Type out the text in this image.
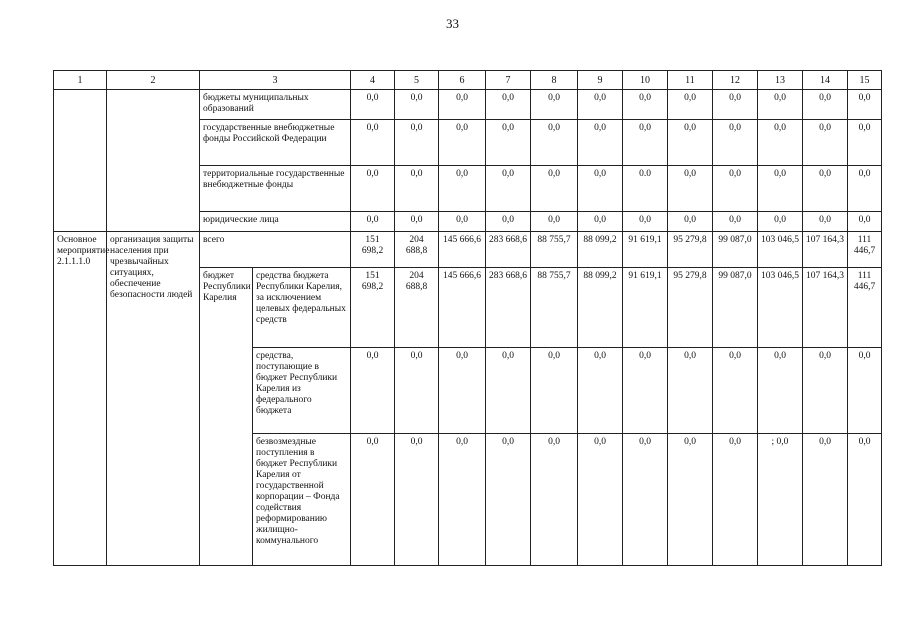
33
1	2	3		4	5	6	7	8	9	10	11	12	13	14	15
		бюджеты муниципальных образований		0,0	0,0	0,0	0,0	0,0	0,0	0,0	0,0	0,0	0,0	0,0	0,0
		государственные внебюджетные фонды Российской Федерации		0,0	0,0	0,0	0,0	0,0	0,0	0,0	0,0	0,0	0,0	0,0	0,0
		территориальные государственные внебюджетные фонды		0,0	0,0	0,0	0,0	0,0	0,0	0.0	0,0	0,0	0,0	0,0	0,0
		юридические лица		0,0	0,0	0,0	0,0	0,0	0,0	0,0	0,0	0,0	0,0	0,0	0,0
Основное мероприятие 2.1.1.1.0	организация защиты населения при чрезвычайных ситуациях, обеспечение безопасности людей	всего		151 698,2	204 688,8	145 666,6	283 668,6	88 755,7	88 099,2	91 619,1	95 279,8	99 087,0	103 046,5	107 164,3	111 446,7
		бюджет Республики Карелия	средства бюджета Республики Карелия, за исключением целевых федеральных средств	151 698,2	204 688,8	145 666,6	283 668,6	88 755,7	88 099,2	91 619,1	95 279,8	99 087,0	103 046,5	107 164,3	111 446,7
			средства, поступающие в бюджет Республики Карелия из федерального бюджета	0,0	0,0	0,0	0,0	0,0	0,0	0,0	0,0	0,0	0,0	0,0	0,0
			безвозмездные поступления в бюджет Республики Карелия от государственной корпорации – Фонда содействия реформированию жилищно-коммунального	0,0	0,0	0,0	0,0	0,0	0,0	0,0	0,0	0,0	; 0,0	0,0	0,0
